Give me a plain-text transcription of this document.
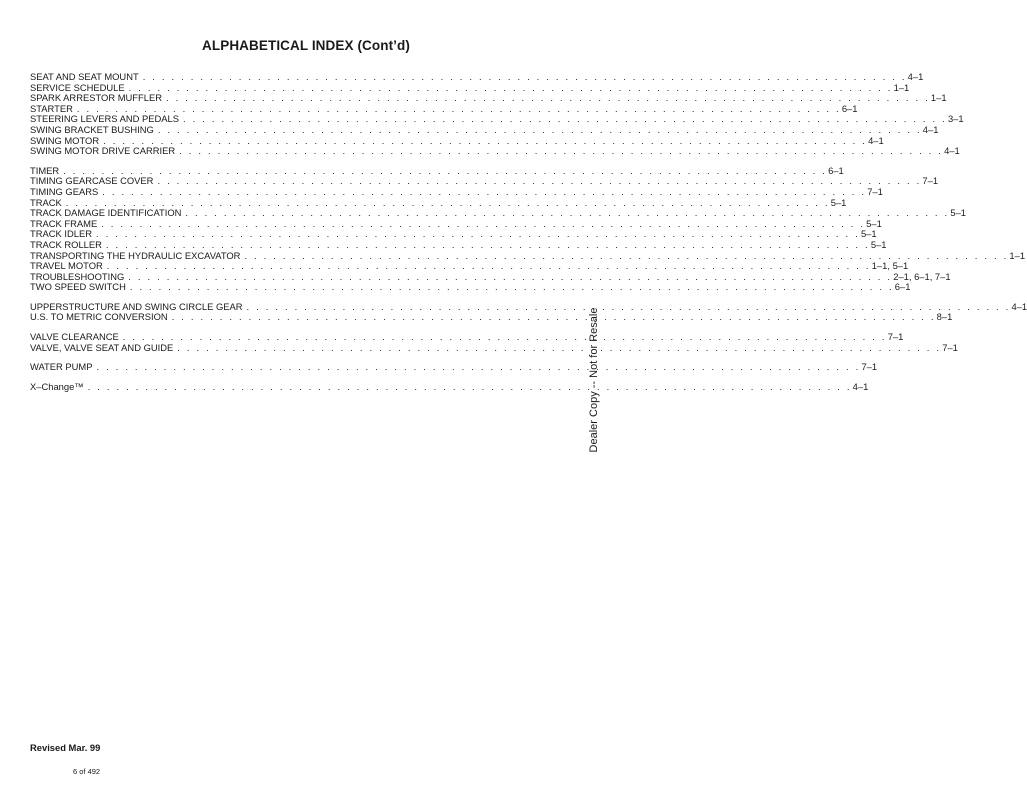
ALPHABETICAL INDEX (Cont’d)
SEAT AND SEAT MOUNT . . . . . . . . . . . . . . . . . . . . . . . . . . . . . . . . . . . . . . . . . . . . . . . . . . . . . . . . . . . . . . . . . . . . . . . . . . . . . . . . 4–1
SERVICE SCHEDULE . . . . . . . . . . . . . . . . . . . . . . . . . . . . . . . . . . . . . . . . . . . . . . . . . . . . . . . . . . . . . . . . . . . . . . . . . . . . . . . . 1–1
SPARK ARRESTOR MUFFLER . . . . . . . . . . . . . . . . . . . . . . . . . . . . . . . . . . . . . . . . . . . . . . . . . . . . . . . . . . . . . . . . . . . . . . . . . . . . . . . . 1–1
STARTER . . . . . . . . . . . . . . . . . . . . . . . . . . . . . . . . . . . . . . . . . . . . . . . . . . . . . . . . . . . . . . . . . . . . . . . . . . . . . . . . 6–1
STEERING LEVERS AND PEDALS . . . . . . . . . . . . . . . . . . . . . . . . . . . . . . . . . . . . . . . . . . . . . . . . . . . . . . . . . . . . . . . . . . . . . . . . . . . . . . . . 3–1
SWING BRACKET BUSHING . . . . . . . . . . . . . . . . . . . . . . . . . . . . . . . . . . . . . . . . . . . . . . . . . . . . . . . . . . . . . . . . . . . . . . . . . . . . . . . . 4–1
SWING MOTOR . . . . . . . . . . . . . . . . . . . . . . . . . . . . . . . . . . . . . . . . . . . . . . . . . . . . . . . . . . . . . . . . . . . . . . . . . . . . . . . . 4–1
SWING MOTOR DRIVE CARRIER . . . . . . . . . . . . . . . . . . . . . . . . . . . . . . . . . . . . . . . . . . . . . . . . . . . . . . . . . . . . . . . . . . . . . . . . . . . . . . . . 4–1
TIMER . . . . . . . . . . . . . . . . . . . . . . . . . . . . . . . . . . . . . . . . . . . . . . . . . . . . . . . . . . . . . . . . . . . . . . . . . . . . . . . . 6–1
TIMING GEARCASE COVER . . . . . . . . . . . . . . . . . . . . . . . . . . . . . . . . . . . . . . . . . . . . . . . . . . . . . . . . . . . . . . . . . . . . . . . . . . . . . . . . 7–1
TIMING GEARS . . . . . . . . . . . . . . . . . . . . . . . . . . . . . . . . . . . . . . . . . . . . . . . . . . . . . . . . . . . . . . . . . . . . . . . . . . . . . . . . 7–1
TRACK . . . . . . . . . . . . . . . . . . . . . . . . . . . . . . . . . . . . . . . . . . . . . . . . . . . . . . . . . . . . . . . . . . . . . . . . . . . . . . . . 5–1
TRACK DAMAGE IDENTIFICATION . . . . . . . . . . . . . . . . . . . . . . . . . . . . . . . . . . . . . . . . . . . . . . . . . . . . . . . . . . . . . . . . . . . . . . . . . . . . . . . . 5–1
TRACK FRAME . . . . . . . . . . . . . . . . . . . . . . . . . . . . . . . . . . . . . . . . . . . . . . . . . . . . . . . . . . . . . . . . . . . . . . . . . . . . . . . . 5–1
TRACK IDLER . . . . . . . . . . . . . . . . . . . . . . . . . . . . . . . . . . . . . . . . . . . . . . . . . . . . . . . . . . . . . . . . . . . . . . . . . . . . . . . . 5–1
TRACK ROLLER . . . . . . . . . . . . . . . . . . . . . . . . . . . . . . . . . . . . . . . . . . . . . . . . . . . . . . . . . . . . . . . . . . . . . . . . . . . . . . . . 5–1
TRANSPORTING THE HYDRAULIC EXCAVATOR . . . . . . . . . . . . . . . . . . . . . . . . . . . . . . . . . . . . . . . . . . . . . . . . . . . . . . . . . . . . . . . . . . . . . . . . . . . . . . . . 1–1
TRAVEL MOTOR . . . . . . . . . . . . . . . . . . . . . . . . . . . . . . . . . . . . . . . . . . . . . . . . . . . . . . . . . . . . . . . . . . . . . . . . . . . . . . . . 1–1, 5–1
TROUBLESHOOTING . . . . . . . . . . . . . . . . . . . . . . . . . . . . . . . . . . . . . . . . . . . . . . . . . . . . . . . . . . . . . . . . . . . . . . . . . . . . . . . . 2–1, 6–1, 7–1
TWO SPEED SWITCH . . . . . . . . . . . . . . . . . . . . . . . . . . . . . . . . . . . . . . . . . . . . . . . . . . . . . . . . . . . . . . . . . . . . . . . . . . . . . . . . 6–1
UPPERSTRUCTURE AND SWING CIRCLE GEAR . . . . . . . . . . . . . . . . . . . . . . . . . . . . . . . . . . . . . . . . . . . . . . . . . . . . . . . . . . . . . . . . . . . . . . . . . . . . . . . . 4–1
U.S. TO METRIC CONVERSION . . . . . . . . . . . . . . . . . . . . . . . . . . . . . . . . . . . . . . . . . . . . . . . . . . . . . . . . . . . . . . . . . . . . . . . . . . . . . . . . 8–1
VALVE CLEARANCE . . . . . . . . . . . . . . . . . . . . . . . . . . . . . . . . . . . . . . . . . . . . . . . . . . . . . . . . . . . . . . . . . . . . . . . . . . . . . . . . 7–1
VALVE, VALVE SEAT AND GUIDE . . . . . . . . . . . . . . . . . . . . . . . . . . . . . . . . . . . . . . . . . . . . . . . . . . . . . . . . . . . . . . . . . . . . . . . . . . . . . . . . 7–1
WATER PUMP . . . . . . . . . . . . . . . . . . . . . . . . . . . . . . . . . . . . . . . . . . . . . . . . . . . . . . . . . . . . . . . . . . . . . . . . . . . . . . . . 7–1
X–Change™ . . . . . . . . . . . . . . . . . . . . . . . . . . . . . . . . . . . . . . . . . . . . . . . . . . . . . . . . . . . . . . . . . . . . . . . . . . . . . . . . 4–1
Dealer Copy -- Not for Resale
Revised Mar. 99
6 of 492
